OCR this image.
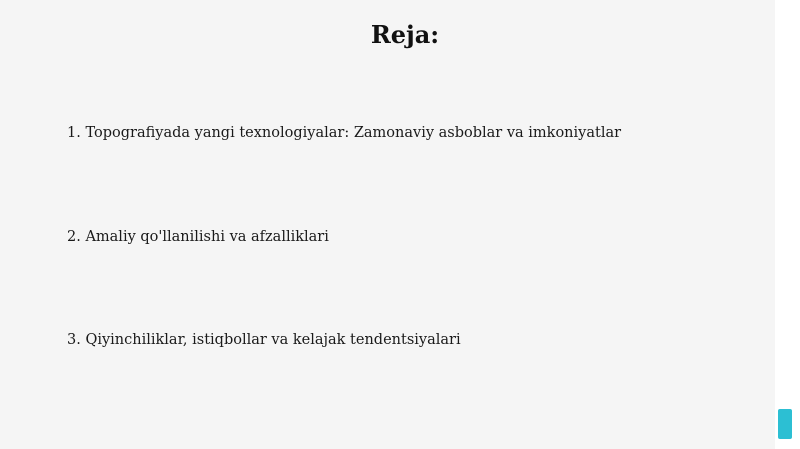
Reja:
1. Topografiyada yangi texnologiyalar: Zamonaviy asboblar va imkoniyatlar
2. Amaliy qo'llanilishi va afzalliklari
3. Qiyinchiliklar, istiqbollar va kelajak tendentsiyalari
